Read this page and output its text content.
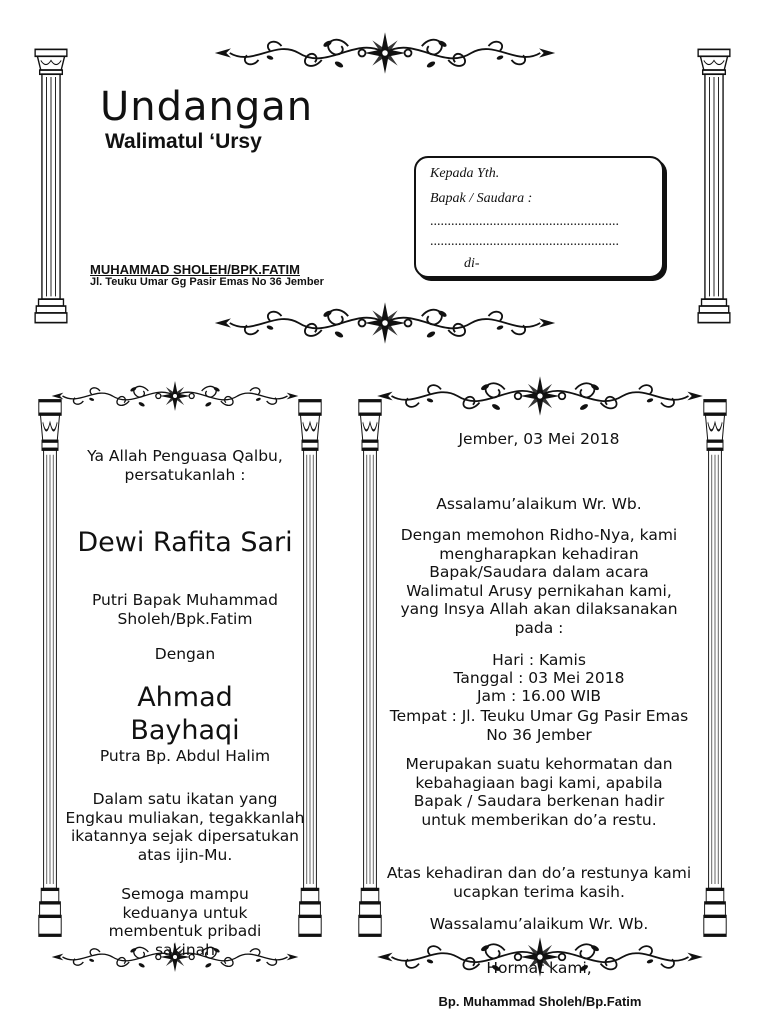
Undangan
Walimatul ‘Ursy
MUHAMMAD SHOLEH/BPK.FATIM
Jl. Teuku Umar Gg Pasir Emas No 36 Jember
Kepada Yth.
Bapak / Saudara :
......................................................
......................................................
di-
Ya Allah Penguasa Qalbu, persatukanlah :
Dewi Rafita Sari
Putri Bapak Muhammad Sholeh/Bpk.Fatim
Dengan
Ahmad Bayhaqi
Putra Bp. Abdul Halim
Dalam satu ikatan yang Engkau muliakan, tegakkanlah ikatannya sejak dipersatukan atas ijin-Mu.
Semoga mampu keduanya untuk membentuk pribadi sakinah
Jember, 03 Mei 2018
Assalamu’alaikum Wr. Wb.
Dengan memohon Ridho-Nya, kami mengharapkan kehadiran Bapak/Saudara dalam acara Walimatul Arusy pernikahan kami, yang Insya Allah akan dilaksanakan pada :
Hari : Kamis
Tanggal : 03 Mei 2018
Jam : 16.00 WIB
Tempat : Jl. Teuku Umar Gg Pasir Emas No 36 Jember
Merupakan suatu kehormatan dan kebahagiaan bagi kami, apabila Bapak / Saudara berkenan hadir untuk memberikan do’a restu.
Atas kehadiran dan do’a restunya kami ucapkan terima kasih.
Wassalamu’alaikum Wr. Wb.
Hormat kami,
Bp. Muhammad Sholeh/Bp.Fatim
